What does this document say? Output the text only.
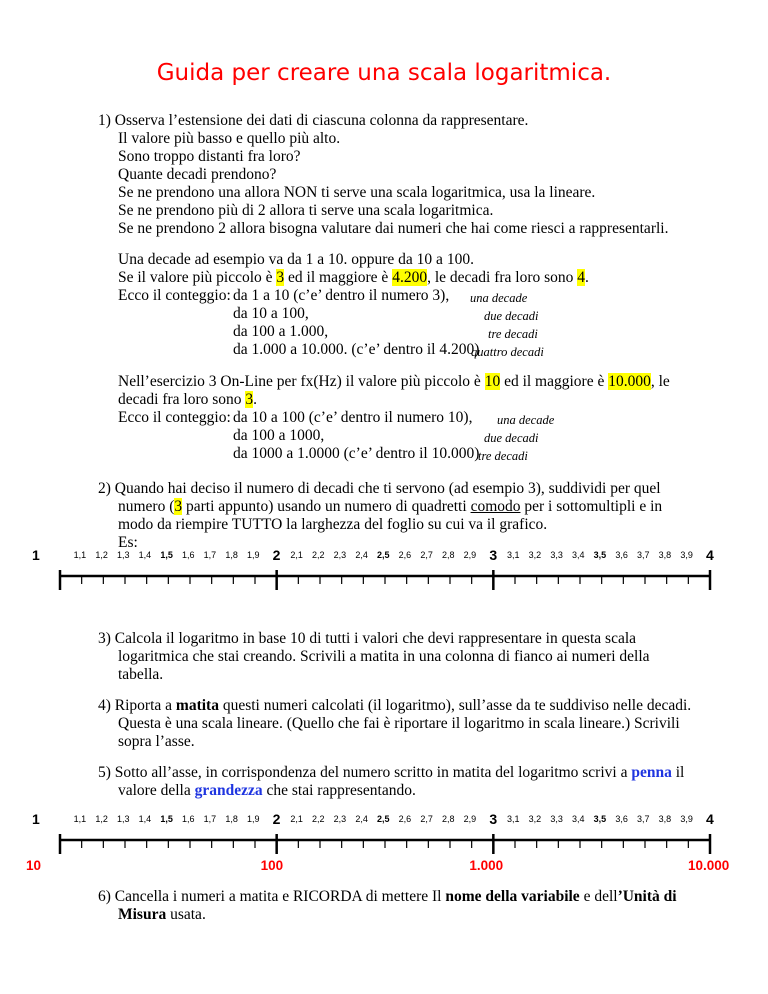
Guida per creare una scala logaritmica.
1) Osserva l’estensione dei dati di ciascuna colonna da rappresentare.
Il valore più basso e quello più alto.
Sono troppo distanti fra loro?
Quante decadi prendono?
Se ne prendono una allora NON ti serve una scala logaritmica, usa la lineare.
Se ne prendono più di 2 allora ti serve una scala logaritmica.
Se ne prendono 2 allora bisogna valutare dai numeri che hai come riesci a rappresentarli.
Una decade ad esempio va da 1 a 10. oppure da 10 a 100.
Se il valore più piccolo è 3 ed il maggiore è 4.200, le decadi fra loro sono 4.
Ecco il conteggio: da 1 a 10 (c’e’ dentro il numero 3), una decade
da 10 a 100,	due decadi
da 100 a 1.000,	tre decadi
da 1.000 a 10.000. (c’e’ dentro il 4.200)
quattro decadi
Nell’esercizio 3 On-Line per fx(Hz) il valore più piccolo è 10 ed il maggiore è 10.000, le
decadi fra loro sono 3.
Ecco il conteggio: da 10 a 100 (c’e’ dentro il numero 10), una decade
da 100 a 1000,	due decadi
da 1000 a 1.0000 (c’e’ dentro il 10.000)
tre decadi
2) Quando hai deciso il numero di decadi che ti servono (ad esempio 3), suddividi per quel
numero (3 parti appunto) usando un numero di quadretti comodo per i sottomultipli e in
modo da riempire TUTTO la larghezza del foglio su cui va il grafico.
Es:
1	2	3	4
1,1 1,2 1,3 1,4 1,5 1,6 1,7 1,8 1,9	2,1 2,2 2,3 2,4 2,5 2,6 2,7 2,8 2,9	3,1 3,2 3,3 3,4 3,5 3,6 3,7 3,8 3,9
3) Calcola il logaritmo in base 10 di tutti i valori che devi rappresentare in questa scala
logaritmica che stai creando. Scrivili a matita in una colonna di fianco ai numeri della
tabella.
4) Riporta a matita questi numeri calcolati (il logaritmo), sull’asse da te suddiviso nelle decadi.
Questa è una scala lineare. (Quello che fai è riportare il logaritmo in scala lineare.) Scrivili
sopra l’asse.
5) Sotto all’asse, in corrispondenza del numero scritto in matita del logaritmo scrivi a penna il
valore della grandezza che stai rappresentando.
1	2	3	4
1,1 1,2 1,3 1,4 1,5 1,6 1,7 1,8 1,9	2,1 2,2 2,3 2,4 2,5 2,6 2,7 2,8 2,9	3,1 3,2 3,3 3,4 3,5 3,6 3,7 3,8 3,9
10	100	1.000	10.000
6) Cancella i numeri a matita e RICORDA di mettere Il nome della variabile e dell’Unità di
Misura usata.
